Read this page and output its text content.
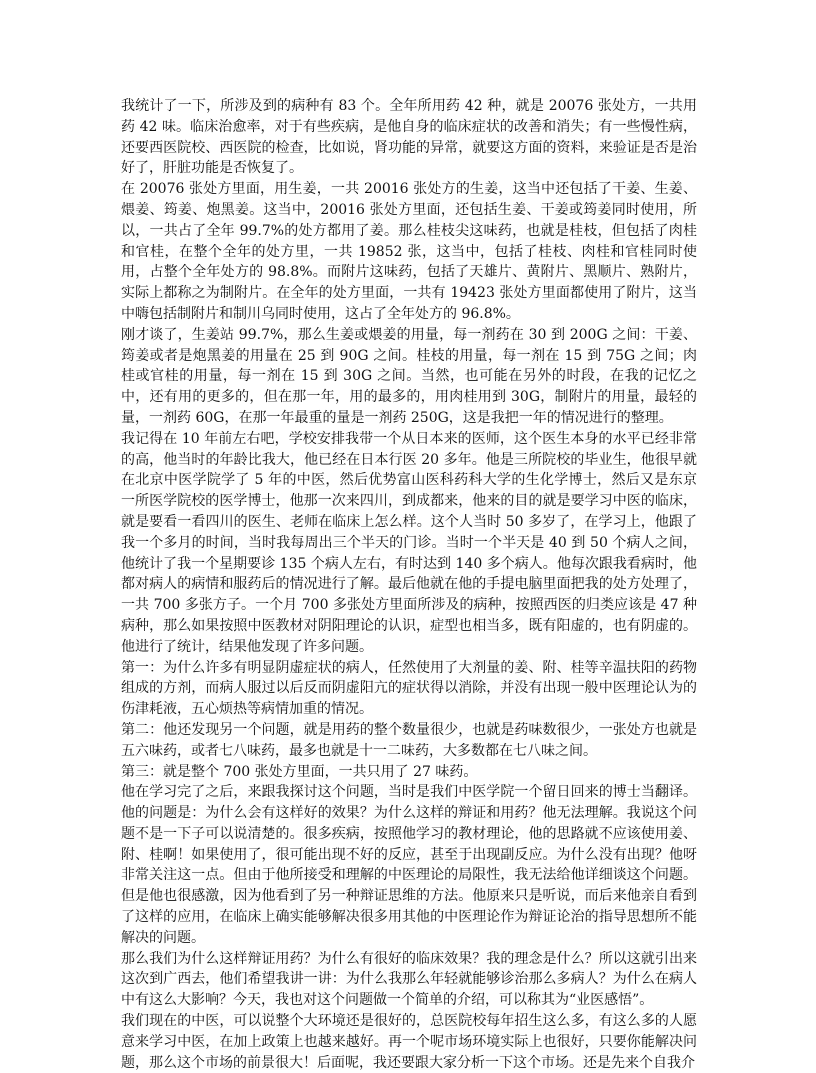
我统计了一下，所涉及到的病种有 83 个。全年所用药 42 种，就是 20076 张处方，一共用药 42 味。临床治愈率，对于有些疾病，是他自身的临床症状的改善和消失；有一些慢性病，还要西医院校、西医院的检查，比如说，肾功能的异常，就要这方面的资料，来验证是否是治好了，肝脏功能是否恢复了。

在 20076 张处方里面，用生姜，一共 20016 张处方的生姜，这当中还包括了干姜、生姜、煨姜、筠姜、炮黑姜。这当中，20016 张处方里面，还包括生姜、干姜或筠姜同时使用，所以，一共占了全年 99.7%的处方都用了姜。那么桂枝尖这味药，也就是桂枝，但包括了肉桂和官桂，在整个全年的处方里，一共 19852 张，这当中，包括了桂枝、肉桂和官桂同时使用，占整个全年处方的 98.8%。而附片这味药，包括了天雄片、黄附片、黑顺片、熟附片，实际上都称之为制附片。在全年的处方里面，一共有 19423 张处方里面都使用了附片，这当中嗨包括制附片和制川乌同时使用，这占了全年处方的 96.8%。

刚才谈了，生姜站 99.7%，那么生姜或煨姜的用量，每一剂药在 30 到 200G 之间：干姜、筠姜或者是炮黑姜的用量在 25 到 90G 之间。桂枝的用量，每一剂在 15 到 75G 之间；肉桂或官桂的用量，每一剂在 15 到 30G 之间。当然，也可能在另外的时段，在我的记忆之中，还有用的更多的，但在那一年，用的最多的，用肉桂用到 30G，制附片的用量，最轻的量，一剂药 60G，在那一年最重的量是一剂药 250G，这是我把一年的情况进行的整理。

我记得在 10 年前左右吧，学校安排我带一个从日本来的医师，这个医生本身的水平已经非常的高，他当时的年龄比我大，他已经在日本行医 20 多年。他是三所院校的毕业生，他很早就在北京中医学院学了 5 年的中医，然后优势富山医科药科大学的生化学博士，然后又是东京一所医学院校的医学博士，他那一次来四川，到成都来，他来的目的就是要学习中医的临床，就是要看一看四川的医生、老师在临床上怎么样。这个人当时 50 多岁了，在学习上，他跟了我一个多月的时间，当时我每周出三个半天的门诊。当时一个半天是 40 到 50 个病人之间，他统计了我一个星期要诊 135 个病人左右，有时达到 140 多个病人。他每次跟我看病时，他都对病人的病情和服药后的情况进行了解。最后他就在他的手提电脑里面把我的处方处理了，一共 700 多张方子。一个月 700 多张处方里面所涉及的病种，按照西医的归类应该是 47 种病种，那么如果按照中医教材对阴阳理论的认识，症型也相当多，既有阳虚的，也有阴虚的。他进行了统计，结果他发现了许多问题。

第一：为什么许多有明显阴虚症状的病人，任然使用了大剂量的姜、附、桂等辛温扶阳的药物组成的方剂，而病人服过以后反而阴虚阳亢的症状得以消除，并没有出现一般中医理论认为的伤津耗液，五心烦热等病情加重的情况。

第二：他还发现另一个问题，就是用药的整个数量很少，也就是药味数很少，一张处方也就是五六味药，或者七八味药，最多也就是十一二味药，大多数都在七八味之间。

第三：就是整个 700 张处方里面，一共只用了 27 味药。

他在学习完了之后，来跟我探讨这个问题，当时是我们中医学院一个留日回来的博士当翻译。他的问题是：为什么会有这样好的效果？为什么这样的辩证和用药？他无法理解。我说这个问题不是一下子可以说清楚的。很多疾病，按照他学习的教材理论，他的思路就不应该使用姜、附、桂啊！如果使用了，很可能出现不好的反应，甚至于出现副反应。为什么没有出现？他呀非常关注这一点。但由于他所接受和理解的中医理论的局限性，我无法给他详细谈这个问题。但是他也很感激，因为他看到了另一种辩证思维的方法。他原来只是听说，而后来他亲自看到了这样的应用，在临床上确实能够解决很多用其他的中医理论作为辩证论治的指导思想所不能解决的问题。

那么我们为什么这样辩证用药？为什么有很好的临床效果？我的理念是什么？所以这就引出来这次到广西去，他们希望我讲一讲：为什么我那么年轻就能够诊治那么多病人？为什么在病人中有这么大影响？今天，我也对这个问题做一个简单的介绍，可以称其为“业医感悟”。

我们现在的中医，可以说整个大环境还是很好的，总医院校每年招生这么多，有这么多的人愿意来学习中医，在加上政策上也越来越好。再一个呢市场环境实际上也很好，只要你能解决问题，那么这个市场的前景很大！后面呢，我还要跟大家分析一下这个市场。还是先来个自我介
